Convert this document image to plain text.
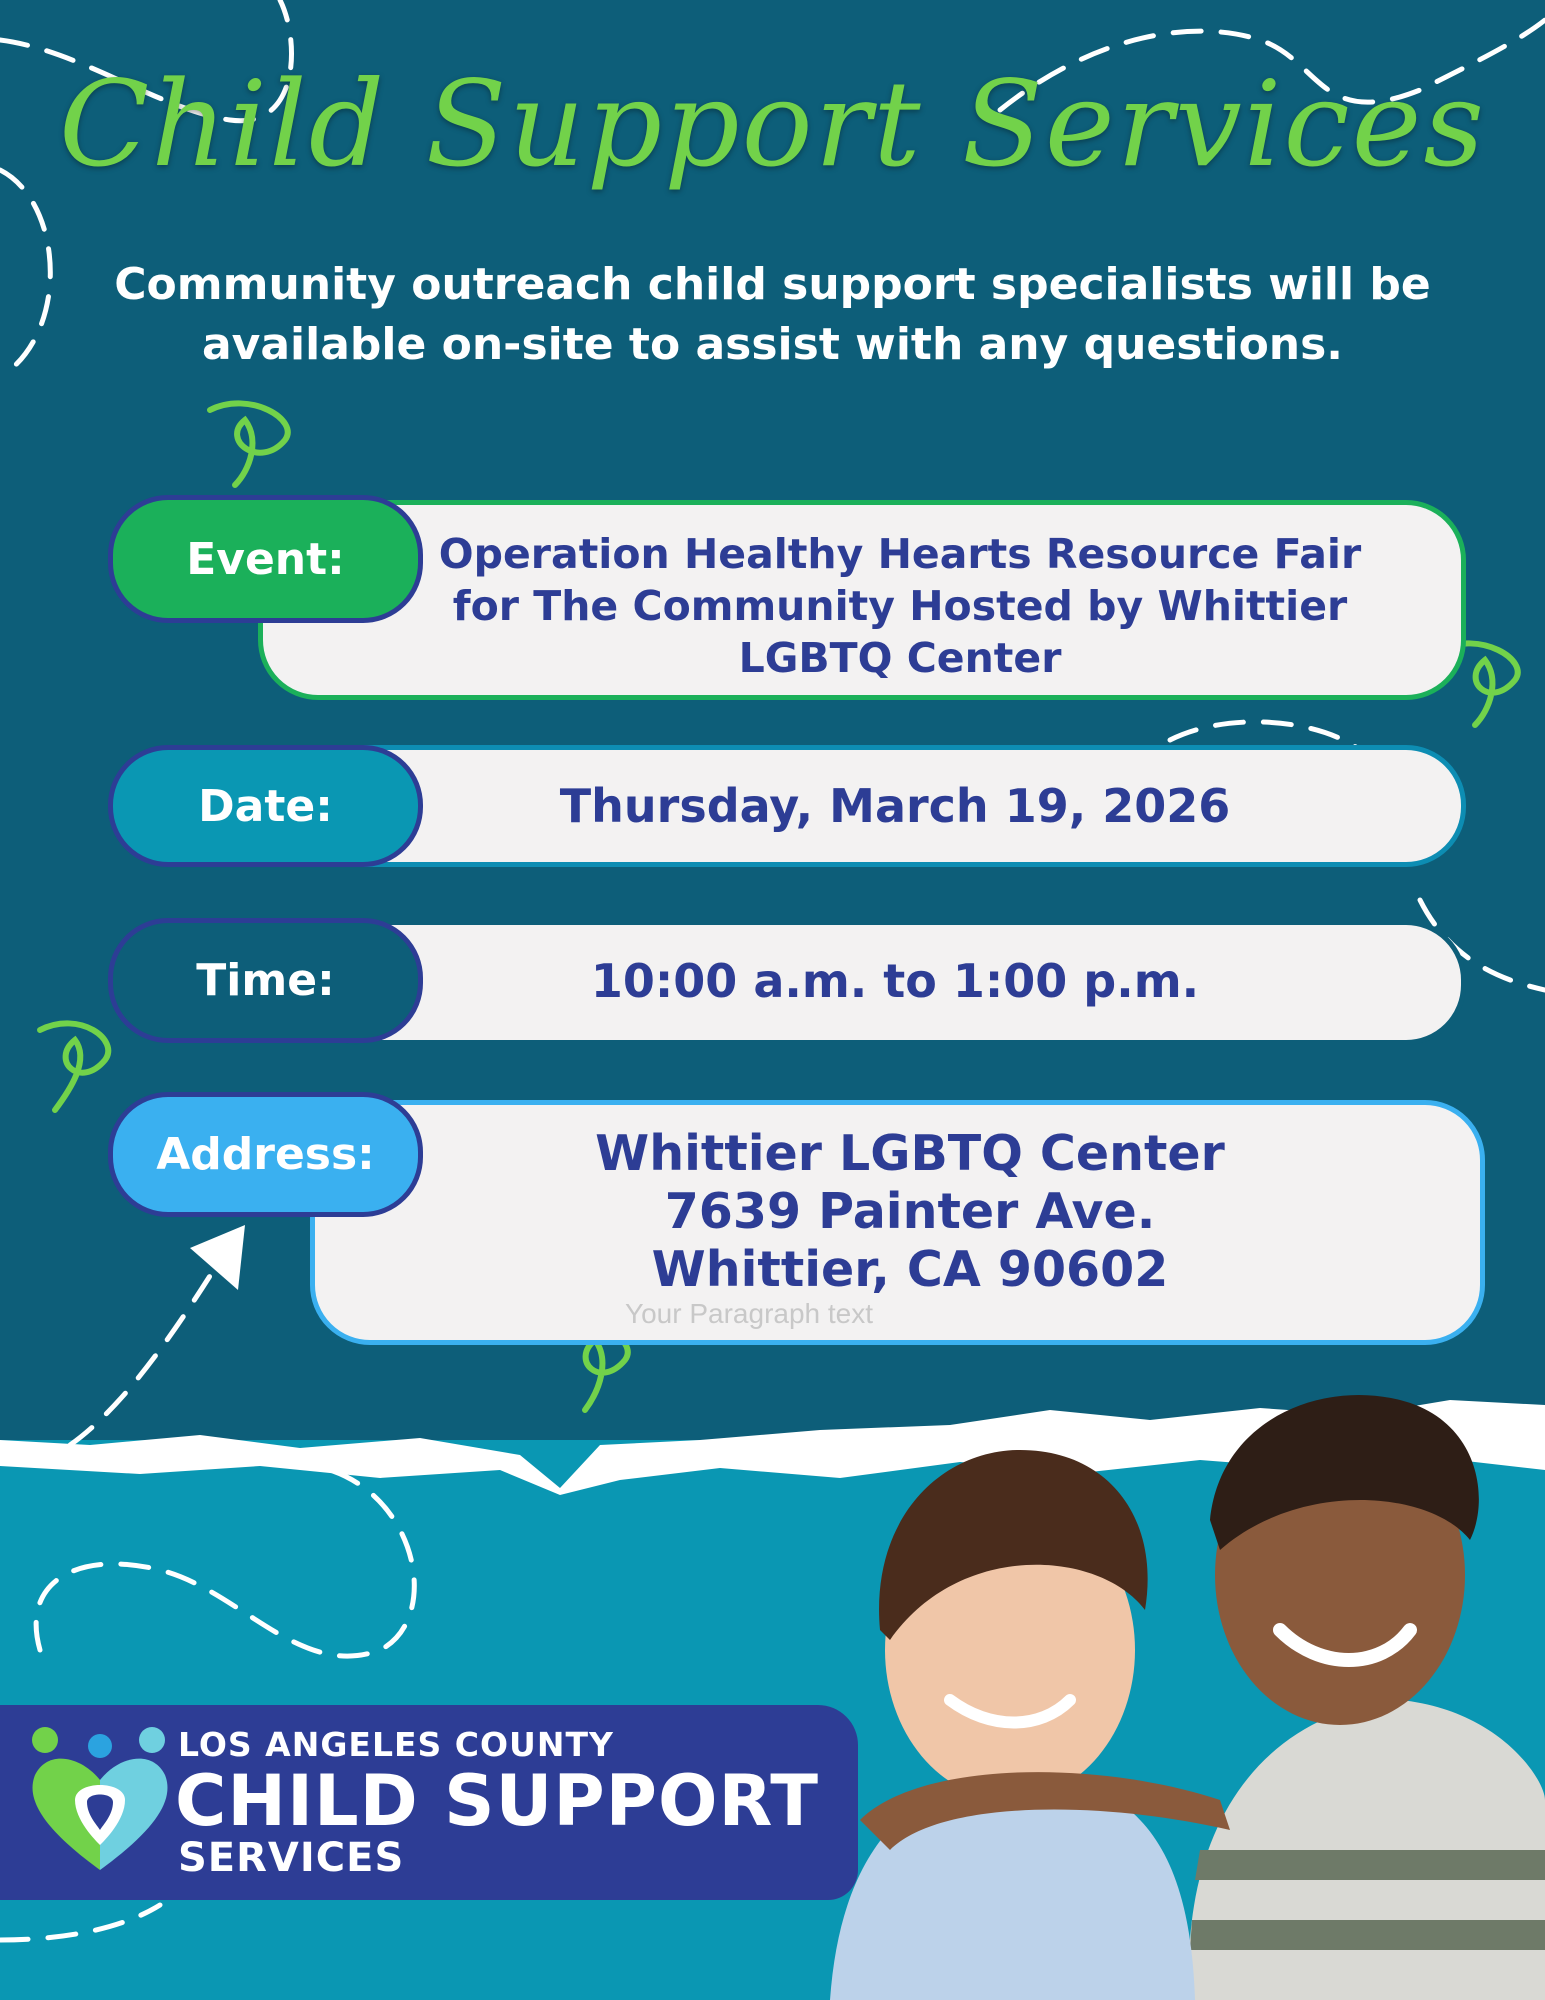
Child Support Services
Community outreach child support specialists will be available on-site to assist with any questions.
Event: Operation Healthy Hearts Resource Fair for The Community Hosted by Whittier LGBTQ Center
Date:	Thursday, March 19, 2026
Time:	10:00 a.m. to 1:00 p.m.
Address:	Whittier LGBTQ Center
7639 Painter Ave.
Whittier, CA 90602
Your Paragraph text
LOS ANGELES COUNTY
CHILD SUPPORT
SERVICES
